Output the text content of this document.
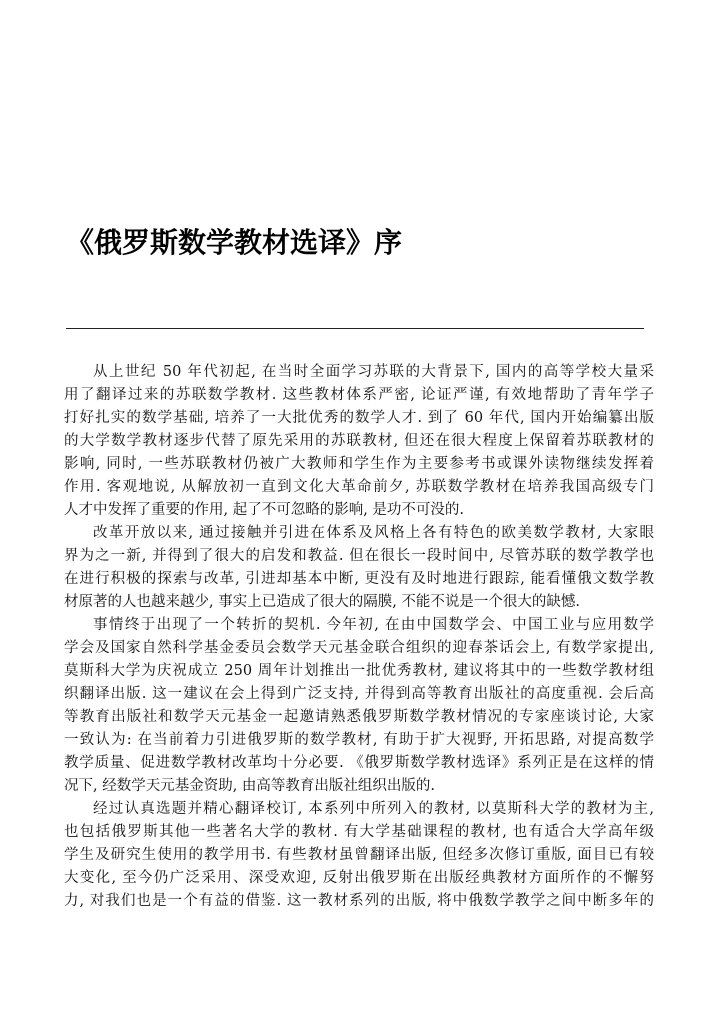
《俄罗斯数学教材选译》序
从上世纪 50 年代初起, 在当时全面学习苏联的大背景下, 国内的高等学校大量采
用了翻译过来的苏联数学教材. 这些教材体系严密, 论证严谨, 有效地帮助了青年学子
打好扎实的数学基础, 培养了一大批优秀的数学人才. 到了 60 年代, 国内开始编纂出版
的大学数学教材逐步代替了原先采用的苏联教材, 但还在很大程度上保留着苏联教材的
影响, 同时, 一些苏联教材仍被广大教师和学生作为主要参考书或课外读物继续发挥着
作用. 客观地说, 从解放初一直到文化大革命前夕, 苏联数学教材在培养我国高级专门
人才中发挥了重要的作用, 起了不可忽略的影响, 是功不可没的.
改革开放以来, 通过接触并引进在体系及风格上各有特色的欧美数学教材, 大家眼
界为之一新, 并得到了很大的启发和教益. 但在很长一段时间中, 尽管苏联的数学教学也
在进行积极的探索与改革, 引进却基本中断, 更没有及时地进行跟踪, 能看懂俄文数学教
材原著的人也越来越少, 事实上已造成了很大的隔膜, 不能不说是一个很大的缺憾.
事情终于出现了一个转折的契机. 今年初, 在由中国数学会、中国工业与应用数学
学会及国家自然科学基金委员会数学天元基金联合组织的迎春茶话会上, 有数学家提出,
莫斯科大学为庆祝成立 250 周年计划推出一批优秀教材, 建议将其中的一些数学教材组
织翻译出版. 这一建议在会上得到广泛支持, 并得到高等教育出版社的高度重视. 会后高
等教育出版社和数学天元基金一起邀请熟悉俄罗斯数学教材情况的专家座谈讨论, 大家
一致认为: 在当前着力引进俄罗斯的数学教材, 有助于扩大视野, 开拓思路, 对提高数学
教学质量、促进数学教材改革均十分必要. 《俄罗斯数学教材选译》系列正是在这样的情
况下, 经数学天元基金资助, 由高等教育出版社组织出版的.
经过认真选题并精心翻译校订, 本系列中所列入的教材, 以莫斯科大学的教材为主,
也包括俄罗斯其他一些著名大学的教材. 有大学基础课程的教材, 也有适合大学高年级
学生及研究生使用的教学用书. 有些教材虽曾翻译出版, 但经多次修订重版, 面目已有较
大变化, 至今仍广泛采用、深受欢迎, 反射出俄罗斯在出版经典教材方面所作的不懈努
力, 对我们也是一个有益的借鉴. 这一教材系列的出版, 将中俄数学教学之间中断多年的
